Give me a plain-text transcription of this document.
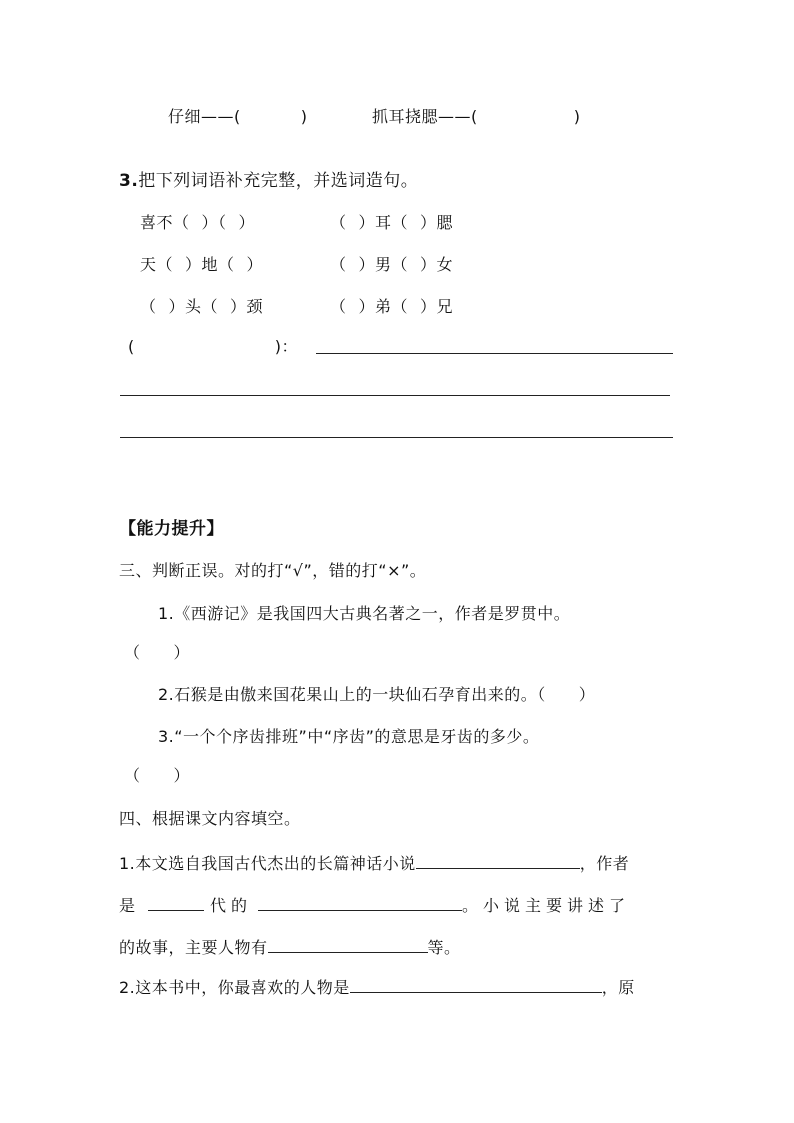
仔细——(	)	抓耳挠腮——(	)
3.把下列词语补充完整，并选词造句。
喜不（ ）（ ）	（ ）耳（ ）腮
天（ ）地（ ）	（ ）男（ ）女
（ ）头（ ）颈	（ ）弟（ ）兄
(	)：
【能力提升】
三、判断正误。对的打“√”，错的打“×”。
1.《西游记》是我国四大古典名著之一，作者是罗贯中。
（　　）
2.石猴是由傲来国花果山上的一块仙石孕育出来的。（　　）
3.“一个个序齿排班”中“序齿”的意思是牙齿的多少。
（　　）
四、根据课文内容填空。
1.本文选自我国古代杰出的长篇神话小说	，作者
是	代的	。小说主要讲述了
的故事，主要人物有	等。
2.这本书中，你最喜欢的人物是	，原
